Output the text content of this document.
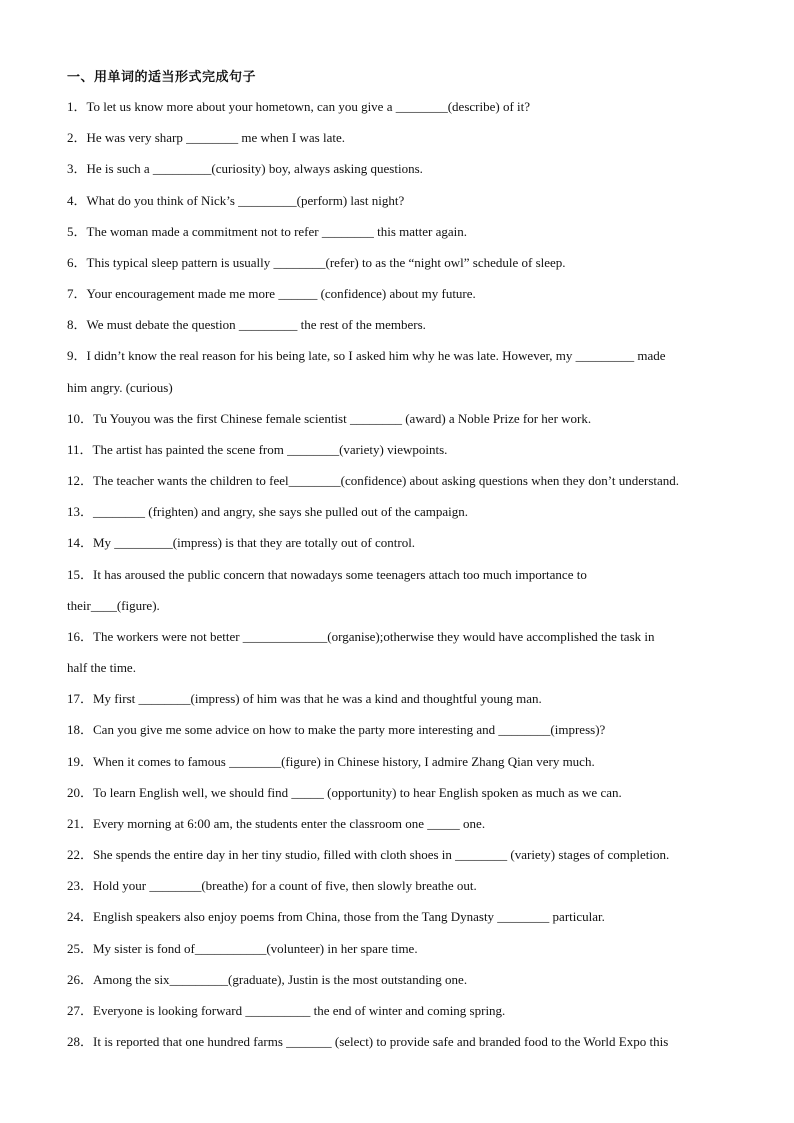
一、用单词的适当形式完成句子
1．To let us know more about your hometown, can you give a ________(describe) of it?
2．He was very sharp ________ me when I was late.
3．He is such a _________(curiosity) boy, always asking questions.
4．What do you think of Nick’s _________(perform) last night?
5．The woman made a commitment not to refer ________ this matter again.
6．This typical sleep pattern is usually ________(refer) to as the “night owl” schedule of sleep.
7．Your encouragement made me more ______ (confidence) about my future.
8．We must debate the question _________ the rest of the members.
9．I didn’t know the real reason for his being late, so I asked him why he was late. However, my _________ made
him angry. (curious)
10．Tu Youyou was the first Chinese female scientist ________ (award) a Noble Prize for her work.
11．The artist has painted the scene from ________(variety) viewpoints.
12．The teacher wants the children to feel________(confidence) about asking questions when they don’t understand.
13．________ (frighten) and angry, she says she pulled out of the campaign.
14．My _________(impress) is that they are totally out of control.
15．It has aroused the public concern that nowadays some teenagers attach too much importance to
their____(figure).
16．The workers were not better _____________(organise);otherwise they would have accomplished the task in
half the time.
17．My first ________(impress) of him was that he was a kind and thoughtful young man.
18．Can you give me some advice on how to make the party more interesting and ________(impress)?
19．When it comes to famous ________(figure) in Chinese history, I admire Zhang Qian very much.
20．To learn English well, we should find _____ (opportunity) to hear English spoken as much as we can.
21．Every morning at 6:00 am, the students enter the classroom one _____ one.
22．She spends the entire day in her tiny studio, filled with cloth shoes in ________ (variety) stages of completion.
23．Hold your ________(breathe) for a count of five, then slowly breathe out.
24．English speakers also enjoy poems from China, those from the Tang Dynasty ________ particular.
25．My sister is fond of___________(volunteer) in her spare time.
26．Among the six_________(graduate), Justin is the most outstanding one.
27．Everyone is looking forward __________ the end of winter and coming spring.
28．It is reported that one hundred farms _______ (select) to provide safe and branded food to the World Expo this
